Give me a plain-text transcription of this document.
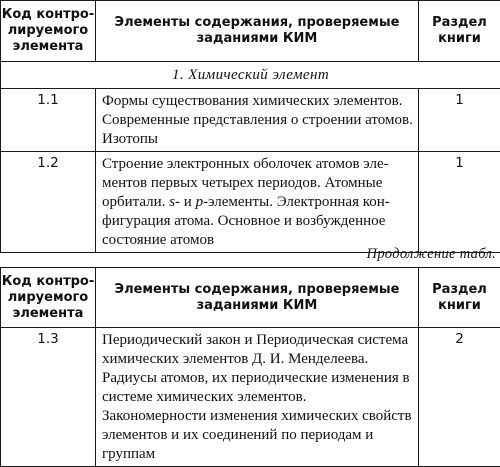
Код контролируемого элемента	Элементы содержания, проверяемые заданиями КИМ	Раздел книги
1. Химический элемент		
1.1	Формы существования химических элементов. Современные представления о строении атомов. Изотопы	1
1.2	Строение электронных оболочек атомов элементов первых четырех периодов. Атомные орбитали. s- и p-элементы. Электронная конфигурация атома. Основное и возбужденное состояние атомов	1
Продолжение табл.
Код контролируемого элемента	Элементы содержания, проверяемые заданиями КИМ	Раздел книги
1.3	Периодический закон и Периодическая система химических элементов Д. И. Менделеева. Радиусы атомов, их периодические изменения в системе химических элементов. Закономерности изменения химических свойств элементов и их соединений по периодам и группам	2
